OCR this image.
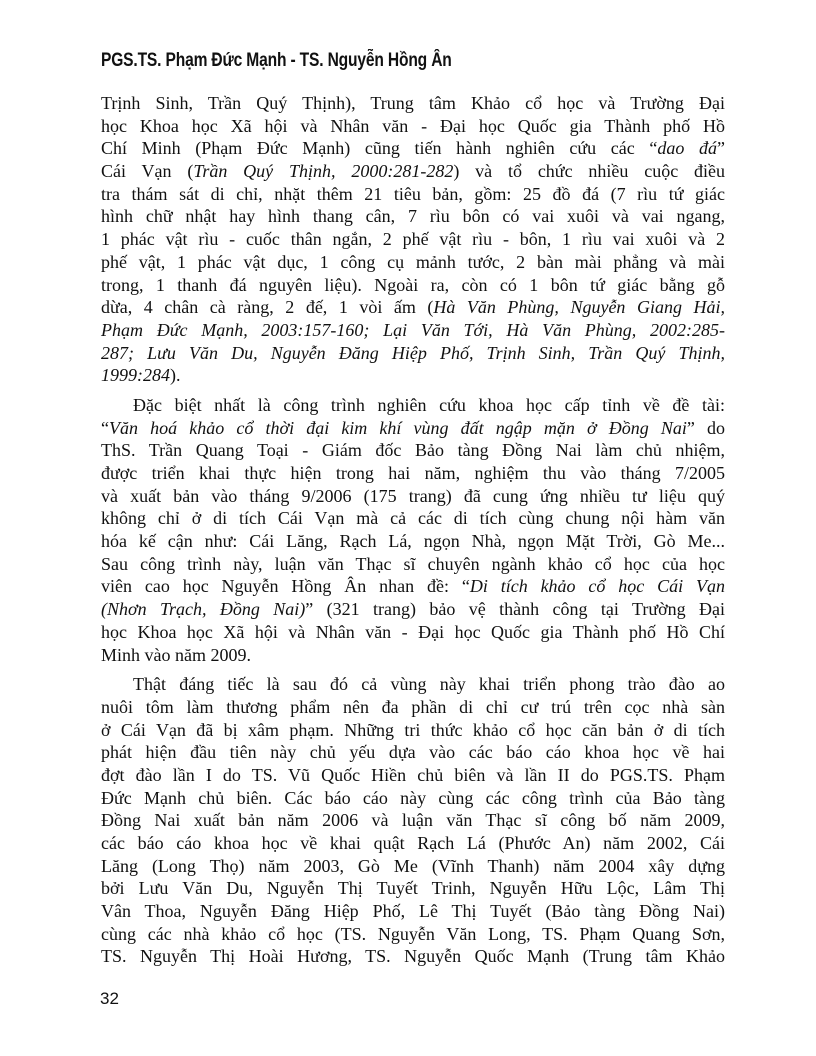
PGS.TS. Phạm Đức Mạnh - TS. Nguyễn Hồng Ân
Trịnh Sinh, Trần Quý Thịnh), Trung tâm Khảo cổ học và Trường Đại
học Khoa học Xã hội và Nhân văn - Đại học Quốc gia Thành phố Hồ
Chí Minh (Phạm Đức Mạnh) cũng tiến hành nghiên cứu các “dao đá”
Cái Vạn (Trần Quý Thịnh, 2000:281-282) và tổ chức nhiều cuộc điều
tra thám sát di chỉ, nhặt thêm 21 tiêu bản, gồm: 25 đồ đá (7 rìu tứ giác
hình chữ nhật hay hình thang cân, 7 rìu bôn có vai xuôi và vai ngang,
1 phác vật rìu - cuốc thân ngắn, 2 phế vật rìu - bôn, 1 rìu vai xuôi và 2
phế vật, 1 phác vật dục, 1 công cụ mảnh tước, 2 bàn mài phẳng và mài
trong, 1 thanh đá nguyên liệu). Ngoài ra, còn có 1 bôn tứ giác bằng gỗ
dừa, 4 chân cà ràng, 2 đế, 1 vòi ấm (Hà Văn Phùng, Nguyễn Giang Hải,
Phạm Đức Mạnh, 2003:157-160; Lại Văn Tới, Hà Văn Phùng, 2002:285-
287; Lưu Văn Du, Nguyễn Đăng Hiệp Phố, Trịnh Sinh, Trần Quý Thịnh,
1999:284).
Đặc biệt nhất là công trình nghiên cứu khoa học cấp tỉnh về đề tài:
“Văn hoá khảo cổ thời đại kim khí vùng đất ngập mặn ở Đồng Nai” do
ThS. Trần Quang Toại - Giám đốc Bảo tàng Đồng Nai làm chủ nhiệm,
được triển khai thực hiện trong hai năm, nghiệm thu vào tháng 7/2005
và xuất bản vào tháng 9/2006 (175 trang) đã cung ứng nhiều tư liệu quý
không chỉ ở di tích Cái Vạn mà cả các di tích cùng chung nội hàm văn
hóa kế cận như: Cái Lăng, Rạch Lá, ngọn Nhà, ngọn Mặt Trời, Gò Me...
Sau công trình này, luận văn Thạc sĩ chuyên ngành khảo cổ học của học
viên cao học Nguyễn Hồng Ân nhan đề: “Di tích khảo cổ học Cái Vạn
(Nhơn Trạch, Đồng Nai)” (321 trang) bảo vệ thành công tại Trường Đại
học Khoa học Xã hội và Nhân văn - Đại học Quốc gia Thành phố Hồ Chí
Minh vào năm 2009.
Thật đáng tiếc là sau đó cả vùng này khai triển phong trào đào ao
nuôi tôm làm thương phẩm nên đa phần di chỉ cư trú trên cọc nhà sàn
ở Cái Vạn đã bị xâm phạm. Những tri thức khảo cổ học căn bản ở di tích
phát hiện đầu tiên này chủ yếu dựa vào các báo cáo khoa học về hai
đợt đào lần I do TS. Vũ Quốc Hiền chủ biên và lần II do PGS.TS. Phạm
Đức Mạnh chủ biên. Các báo cáo này cùng các công trình của Bảo tàng
Đồng Nai xuất bản năm 2006 và luận văn Thạc sĩ công bố năm 2009,
các báo cáo khoa học về khai quật Rạch Lá (Phước An) năm 2002, Cái
Lăng (Long Thọ) năm 2003, Gò Me (Vĩnh Thanh) năm 2004 xây dựng
bởi Lưu Văn Du, Nguyễn Thị Tuyết Trinh, Nguyễn Hữu Lộc, Lâm Thị
Vân Thoa, Nguyễn Đăng Hiệp Phố, Lê Thị Tuyết (Bảo tàng Đồng Nai)
cùng các nhà khảo cổ học (TS. Nguyễn Văn Long, TS. Phạm Quang Sơn,
TS. Nguyễn Thị Hoài Hương, TS. Nguyễn Quốc Mạnh (Trung tâm Khảo
32
